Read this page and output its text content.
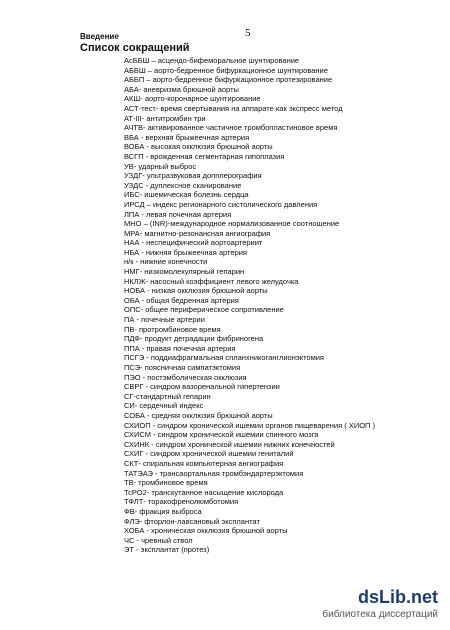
Введение	5
Список сокращений
АсББШ – асцендо-бифеморальное шунтирование
АББШ – аорто-бедренное бифуркационное шунтирование
АББП – аорто-бедренное бифуркационное протезирование
АБА- аневризма брюшной аорты
АКШ- аорто-коронарное шунтирование
АСТ-тест- время свертывания на аппарате как экспресс метод
АТ-III- антитромбин три
АЧТВ- активированное частичное тромбопластиновое время
ВБА - верхняя брыжеечная артерия
ВОБА - высокая окклюзия брюшной аорты
ВСГП - врожденная сегментарная гипоплазия
УВ- ударный выброс
УЗДГ- ультразвуковая допплерография
УЗДС - дуплексное сканирование
ИБС- ишемическая болезнь сердца
ИРСД – индекс регионарного систолического давления
ЛПА - левая почечная артерия
МНО – (INR)-международное нормализованное соотношение
МРА- магнитно-резонансная ангиография
НАА - неспецифический аортоартериит
НБА - нижняя брыжеечная артерия
н/к - нижние конечности
НМГ- низкомолекулярный гепарин
НКЛЖ- насосный коэффициент левого желудочка
НОБА - низкая окклюзия брюшной аорты
ОБА - общая бедренная артерия
ОПС- общее периферическое сопротивление
ПА - почечные артерии
ПВ- протромбиновое время
ПДФ- продукт деградации фибриногена
ППА - правая почечная артерия
ПСГЭ - поддиафрагмальная спланхникоганглионэктомия
ПСЭ- поясничная симпатэктомия
ПЭО - постэмболическая окклюзия
СВРГ - синдром вазоренальной гипертензии
СГ-стандартный гепарин
СИ- сердечный индекс
СОБА - средняя окклюзия брюшной аорты
СХИОП - синдром хронической ишемии органов пищеварения ( ХИОП )
СХИСМ - синдром хронической ишемии спинного мозга
СХИНК - синдром хронической ишемии нижних конечностей
СХИГ - синдром хронической ишемии гениталий
СКТ- спиральная компьютерная ангиография
ТАТЭАЭ - трансаортальная тромбэндартерэктомия
ТВ- тромбиновое время
ТсРО2- транскутанное насыщение кислорода
ТФЛТ- торакофренолюмботомия
ФВ- фракция выброса
ФЛЭ- фторлон-лавсановый эксплантат
ХОБА - хроническая окклюзия брюшной аорты
ЧС - чревный ствол
ЭТ - эксплантат (протез)
dsLib .net
библиотека диссертаций
